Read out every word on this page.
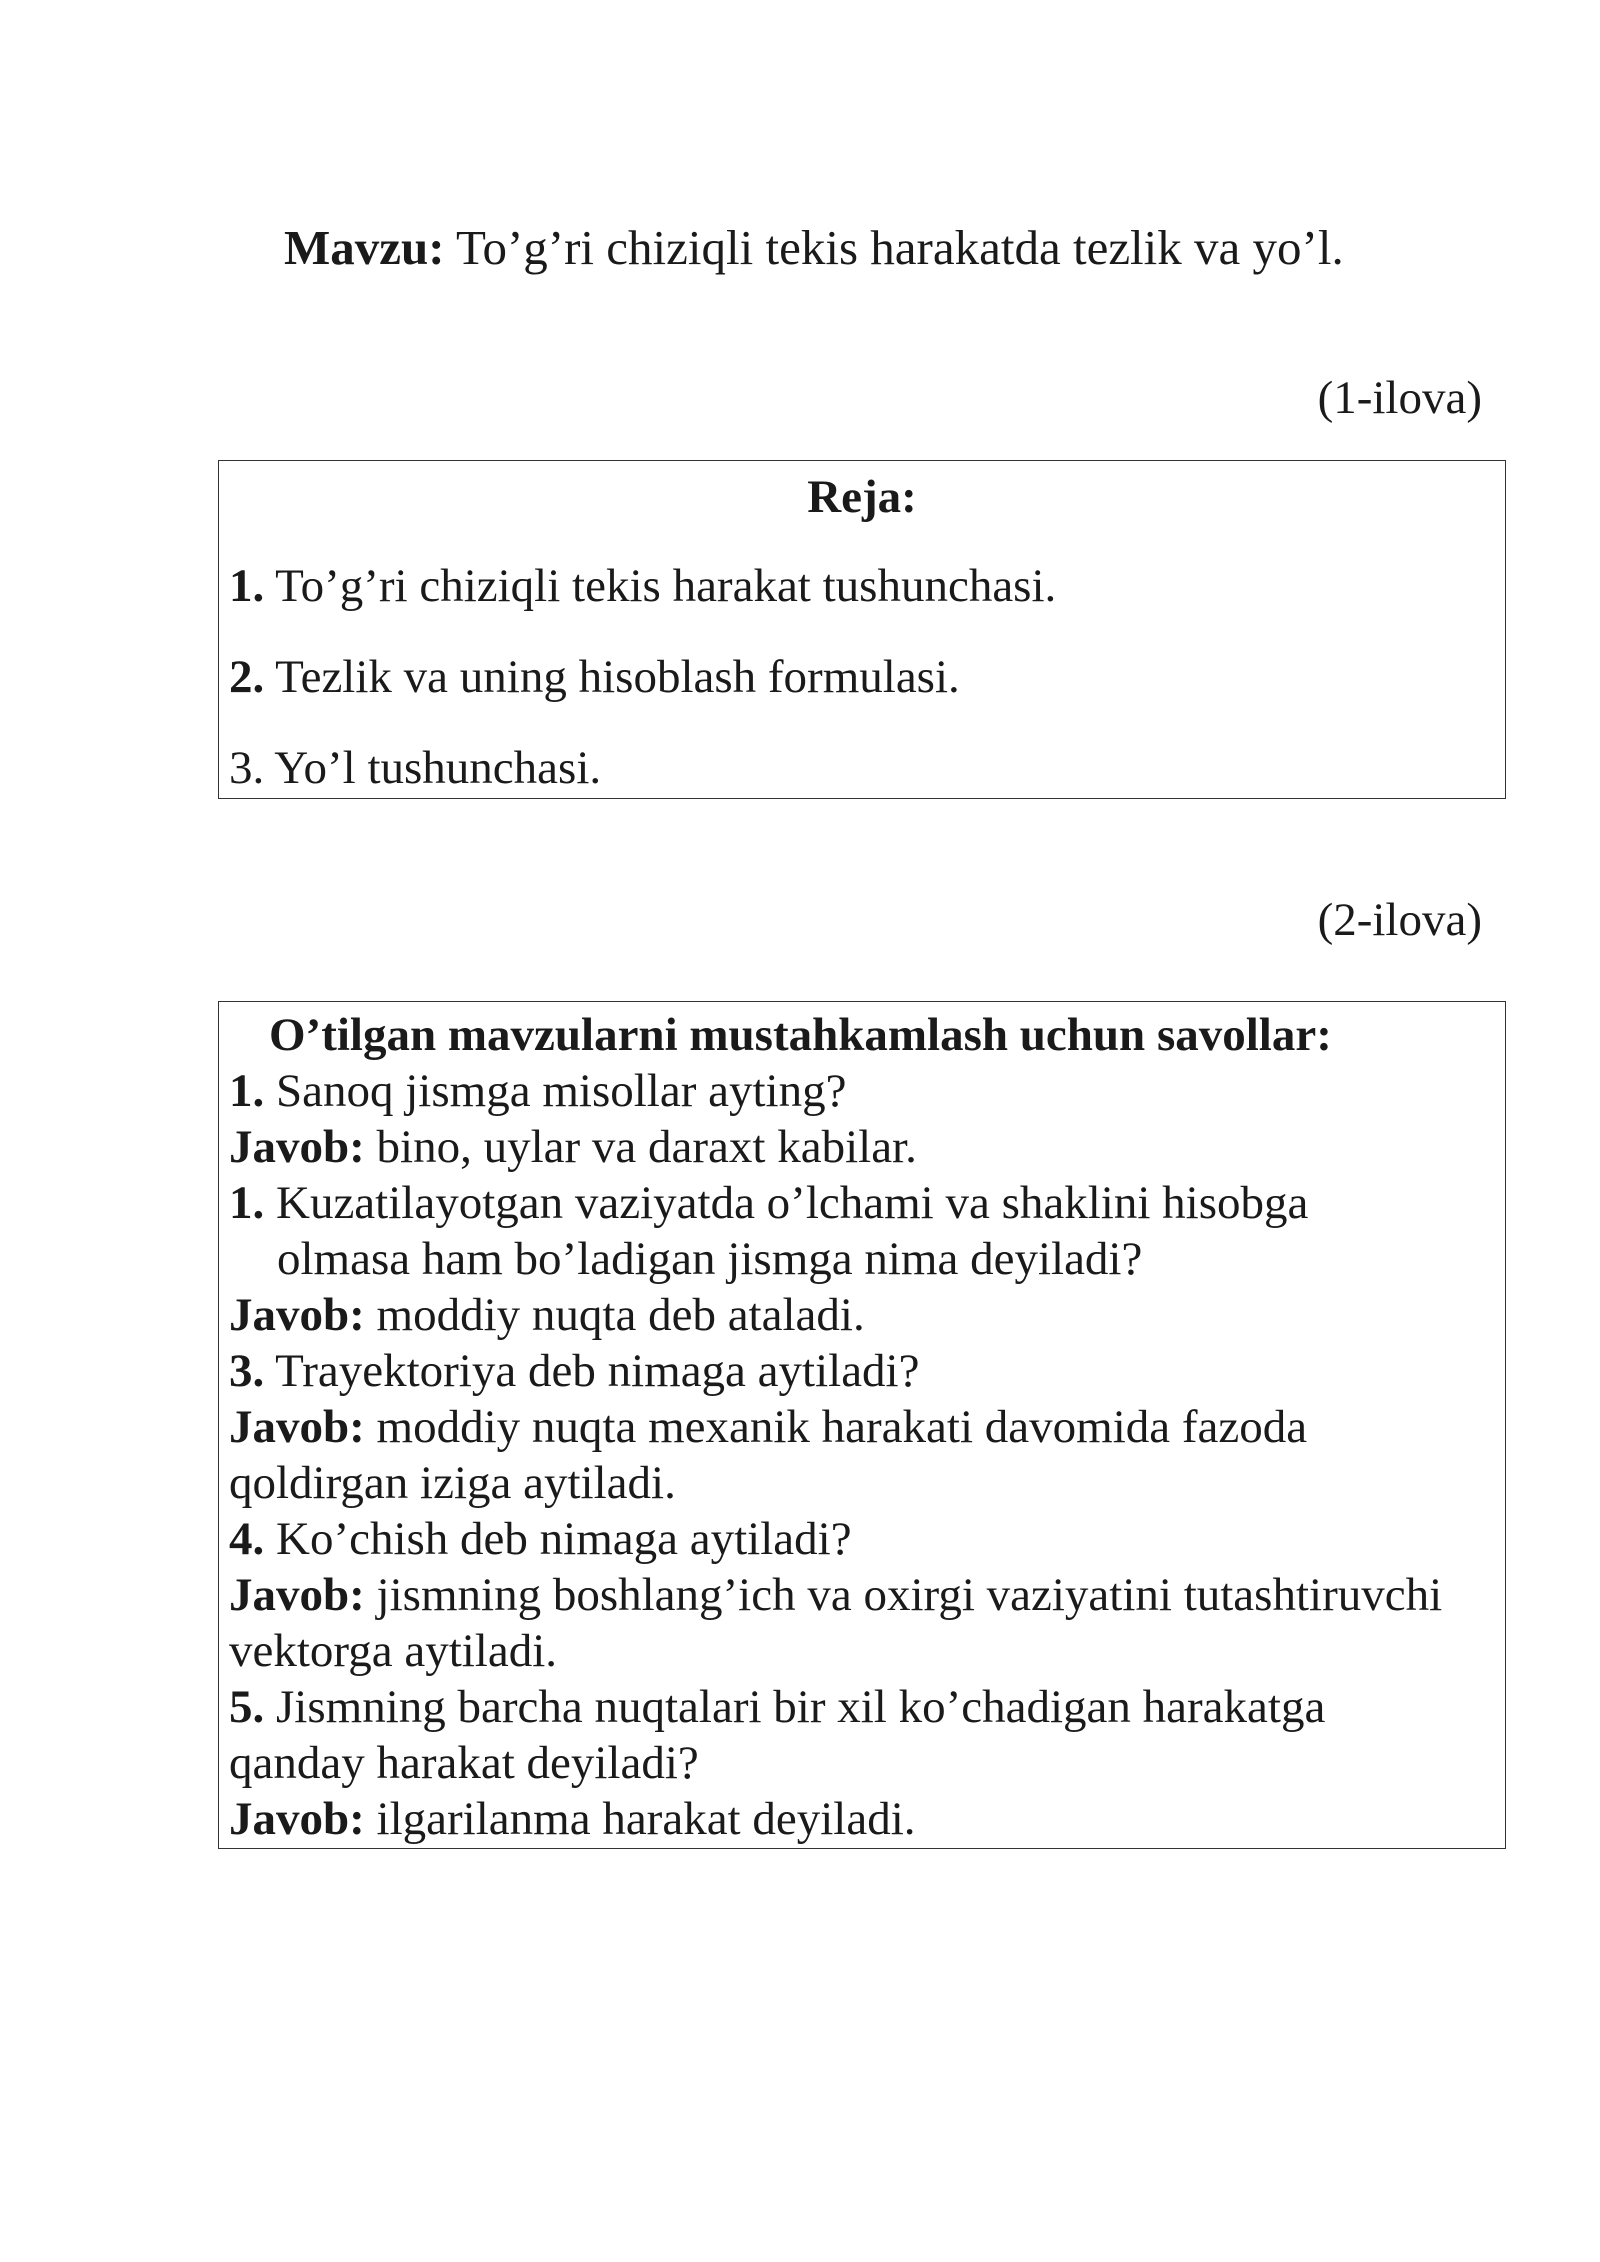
Mavzu: To’g’ri chiziqli tekis harakatda tezlik va yo’l.
(1-ilova)
Reja:
1. To’g’ri chiziqli tekis harakat tushunchasi.
2. Tezlik va uning hisoblash formulasi.
3. Yo’l tushunchasi.
(2-ilova)
O’tilgan mavzularni mustahkamlash uchun savollar:
1. Sanoq jismga misollar ayting?
Javob: bino, uylar va daraxt kabilar.
1. Kuzatilayotgan vaziyatda o’lchami va shaklini hisobga
olmasa ham bo’ladigan jismga nima deyiladi?
Javob: moddiy nuqta deb ataladi.
3. Trayektoriya deb nimaga aytiladi?
Javob: moddiy nuqta mexanik harakati davomida fazoda
qoldirgan iziga aytiladi.
4. Ko’chish deb nimaga aytiladi?
Javob: jismning boshlang’ich va oxirgi vaziyatini tutashtiruvchi
vektorga aytiladi.
5. Jismning barcha nuqtalari bir xil ko’chadigan harakatga
qanday harakat deyiladi?
Javob: ilgarilanma harakat deyiladi.
